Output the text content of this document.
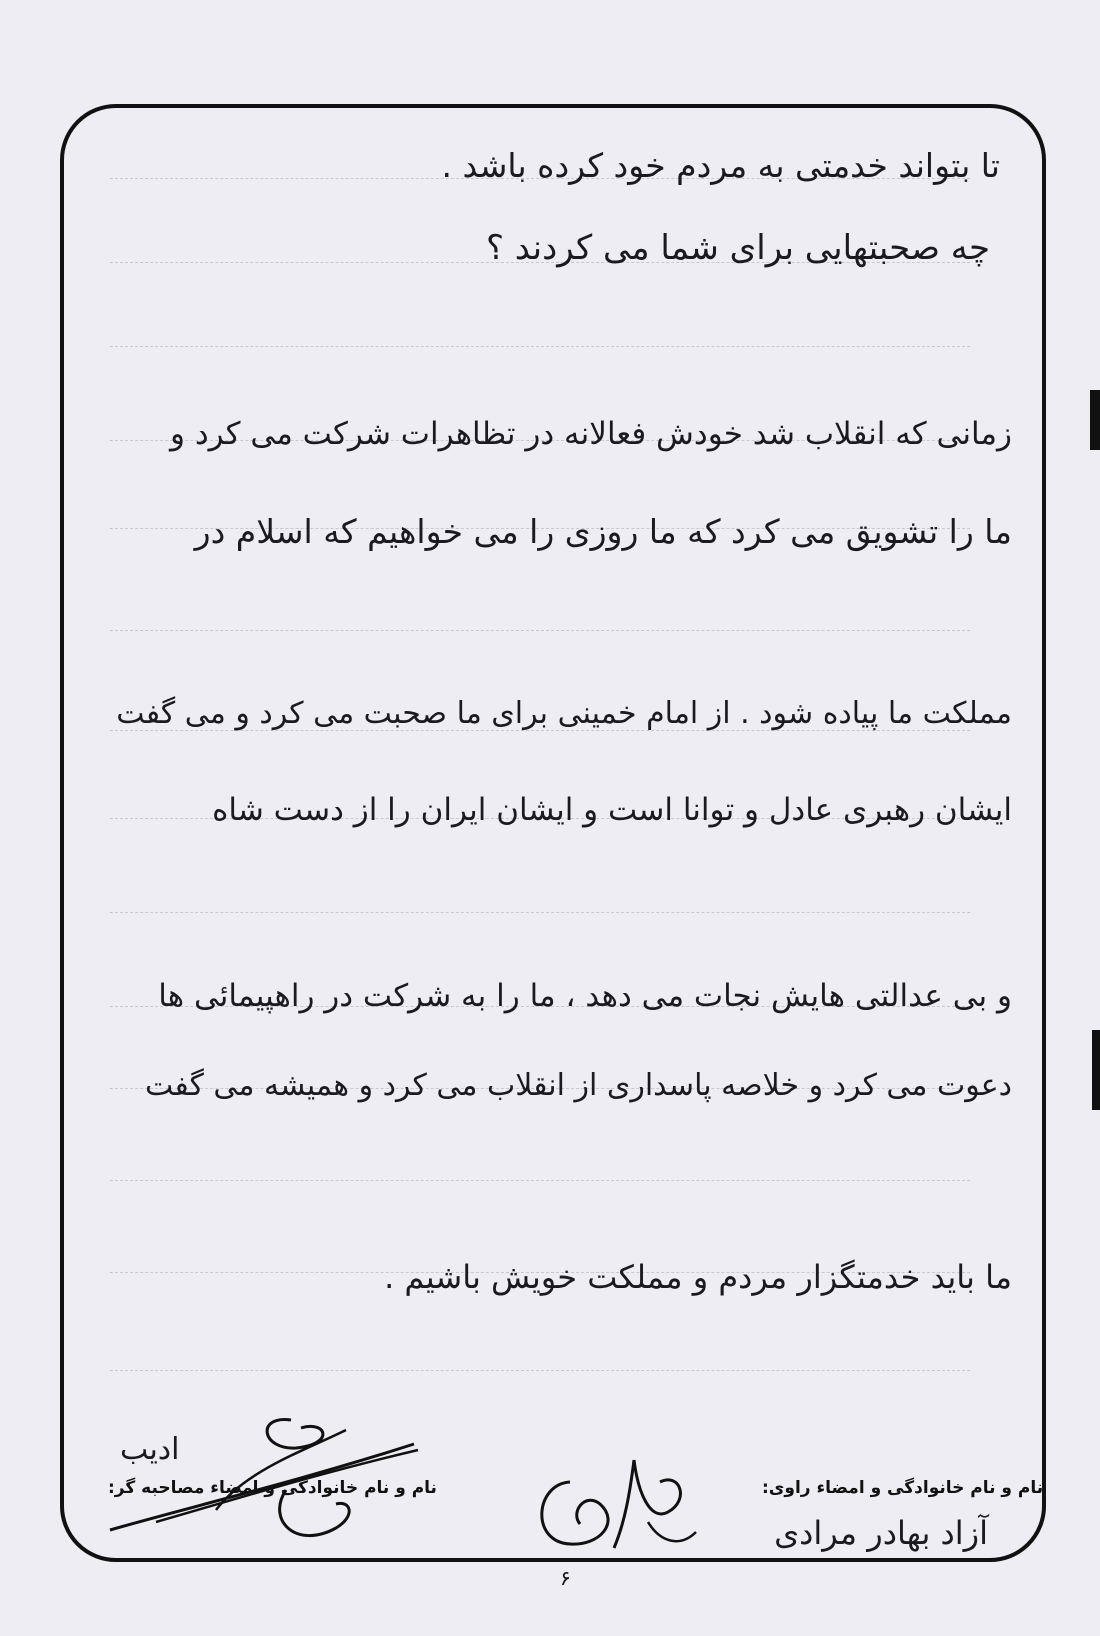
تا بتواند خدمتی به مردم خود کرده باشد .
چه صحبتهایی برای شما می کردند ؟
زمانی که انقلاب شد خودش فعالانه در تظاهرات شرکت می کرد و
ما را تشویق می کرد که ما روزی را می خواهیم که اسلام در
مملکت ما پیاده شود . از امام خمینی برای ما صحبت می کرد و می گفت
ایشان رهبری عادل و توانا است و ایشان ایران را از دست شاه
و بی عدالتی هایش نجات می دهد ، ما را به شرکت در راهپیمائی ها
دعوت می کرد و خلاصه پاسداری از انقلاب می کرد و همیشه می گفت
ما باید خدمتگزار مردم و مملکت خویش باشیم .
نام و نام خانوادگی و امضاء مصاحبه گر:	نام و نام خانوادگی و امضاء راوی:
ادیب
آزاد بهادر مرادی
۶
